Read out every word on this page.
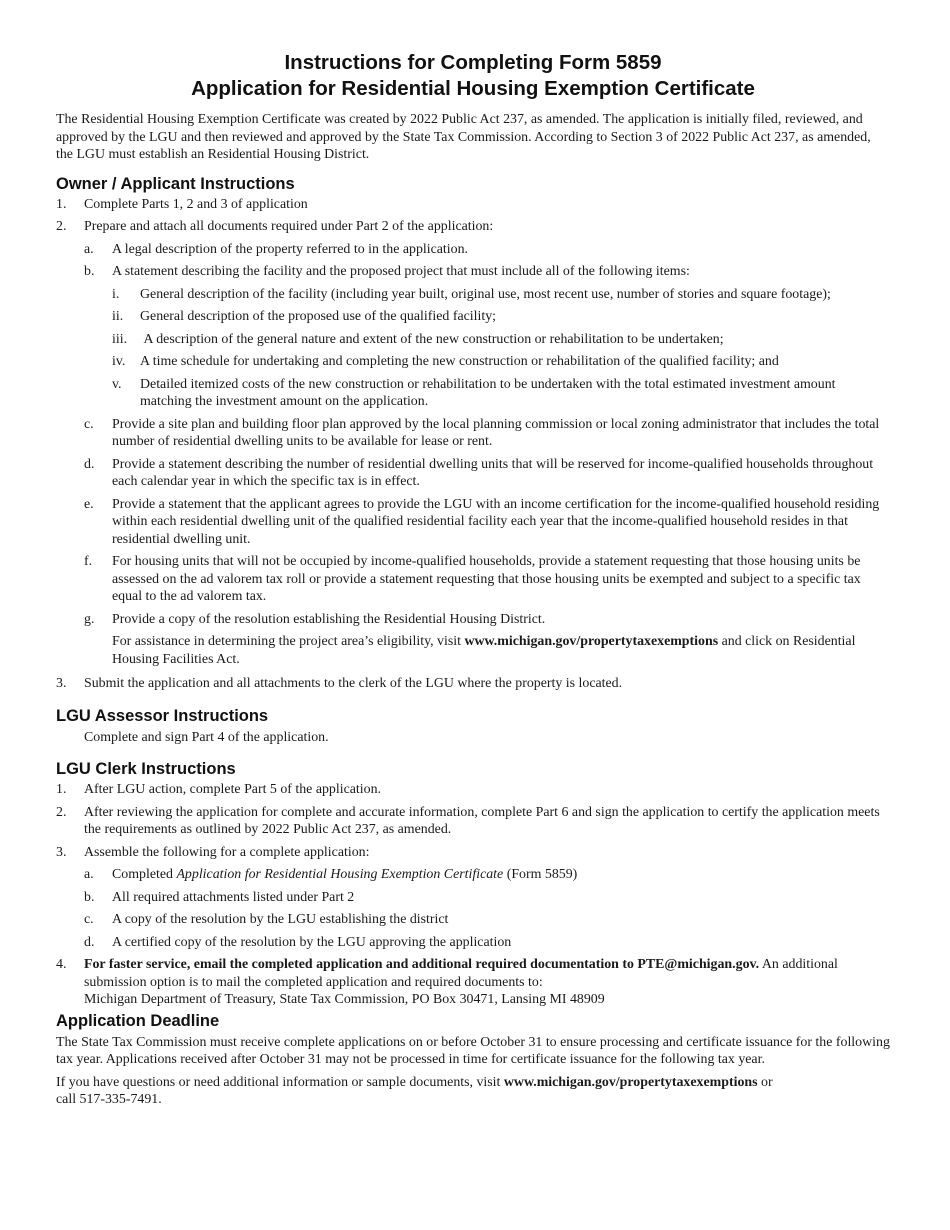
Instructions for Completing Form 5859
Application for Residential Housing Exemption Certificate

The Residential Housing Exemption Certificate was created by 2022 Public Act 237, as amended. The application is initially filed, reviewed, and approved by the LGU and then reviewed and approved by the State Tax Commission. According to Section 3 of 2022 Public Act 237, as amended, the LGU must establish an Residential Housing District.

Owner / Applicant Instructions
1.	Complete Parts 1, 2 and 3 of application
2.	Prepare and attach all documents required under Part 2 of the application:
a.	A legal description of the property referred to in the application.
b.	A statement describing the facility and the proposed project that must include all of the following items:
i.	General description of the facility (including year built, original use, most recent use, number of stories and square footage);
ii.	General description of the proposed use of the qualified facility;
iii. A description of the general nature and extent of the new construction or rehabilitation to be undertaken;
iv.	A time schedule for undertaking and completing the new construction or rehabilitation of the qualified facility; and
v.	Detailed itemized costs of the new construction or rehabilitation to be undertaken with the total estimated investment amount matching the investment amount on the application.
c.	Provide a site plan and building floor plan approved by the local planning commission or local zoning administrator that includes the total number of residential dwelling units to be available for lease or rent.
d.	Provide a statement describing the number of residential dwelling units that will be reserved for income-qualified households throughout each calendar year in which the specific tax is in effect.
e.	Provide a statement that the applicant agrees to provide the LGU with an income certification for the income-qualified household residing within each residential dwelling unit of the qualified residential facility each year that the income-qualified household resides in that residential dwelling unit.
f.	For housing units that will not be occupied by income-qualified households, provide a statement requesting that those housing units be assessed on the ad valorem tax roll or provide a statement requesting that those housing units be exempted and subject to a specific tax equal to the ad valorem tax.
g.	Provide a copy of the resolution establishing the Residential Housing District.
For assistance in determining the project area’s eligibility, visit www.michigan.gov/propertytaxexemptions and click on Residential Housing Facilities Act.
3.	Submit the application and all attachments to the clerk of the LGU where the property is located.
LGU Assessor Instructions

Complete and sign Part 4 of the application.

LGU Clerk Instructions
1.	After LGU action, complete Part 5 of the application.
2.	After reviewing the application for complete and accurate information, complete Part 6 and sign the application to certify the application meets the requirements as outlined by 2022 Public Act 237, as amended.
3.	Assemble the following for a complete application:
a.	Completed Application for Residential Housing Exemption Certificate (Form 5859)
b.	All required attachments listed under Part 2
c.	A copy of the resolution by the LGU establishing the district
d.	A certified copy of the resolution by the LGU approving the application
4.	For faster service, email the completed application and additional required documentation to PTE@michigan.gov. An additional submission option is to mail the completed application and required documents to:
Michigan Department of Treasury, State Tax Commission, PO Box 30471, Lansing MI 48909
Application Deadline

The State Tax Commission must receive complete applications on or before October 31 to ensure processing and certificate issuance for the following tax year. Applications received after October 31 may not be processed in time for certificate issuance for the following tax year.

If you have questions or need additional information or sample documents, visit www.michigan.gov/propertytaxexemptions or
call 517-335-7491.
